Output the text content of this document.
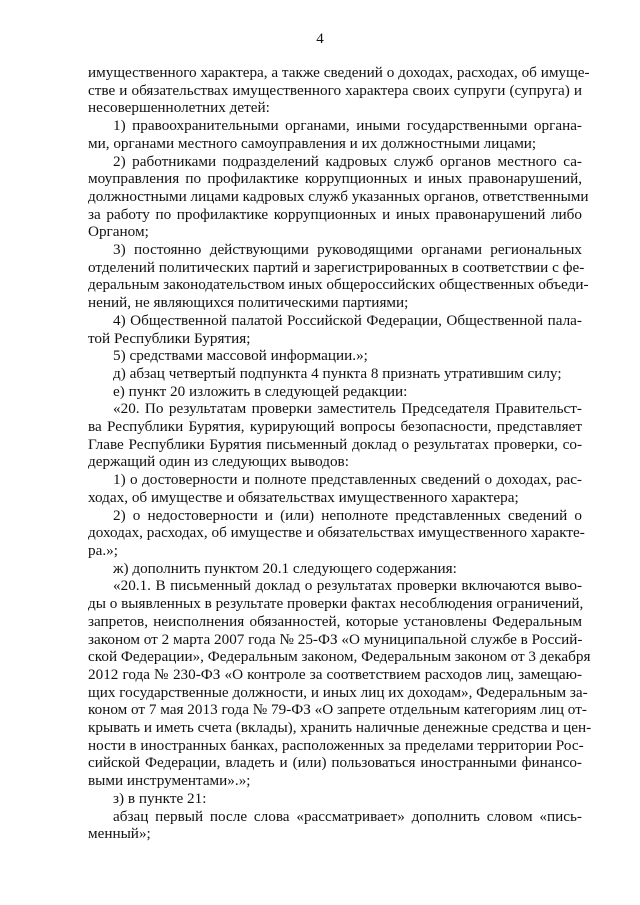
4
имущественного характера, а также сведений о доходах, расходах, об имуще-
стве и обязательствах имущественного характера своих супруги (супруга) и
несовершеннолетних детей:
1) правоохранительными органами, иными государственными органа-
ми, органами местного самоуправления и их должностными лицами;
2) работниками подразделений кадровых служб органов местного са-
моуправления по профилактике коррупционных и иных правонарушений,
должностными лицами кадровых служб указанных органов, ответственными
за работу по профилактике коррупционных и иных правонарушений либо
Органом;
3) постоянно действующими руководящими органами региональных
отделений политических партий и зарегистрированных в соответствии с фе-
деральным законодательством иных общероссийских общественных объеди-
нений, не являющихся политическими партиями;
4) Общественной палатой Российской Федерации, Общественной пала-
той Республики Бурятия;
5) средствами массовой информации.»;
д) абзац четвертый подпункта 4 пункта 8 признать утратившим силу;
е) пункт 20 изложить в следующей редакции:
«20. По результатам проверки заместитель Председателя Правительст-
ва Республики Бурятия, курирующий вопросы безопасности, представляет
Главе Республики Бурятия письменный доклад о результатах проверки, со-
держащий один из следующих выводов:
1) о достоверности и полноте представленных сведений о доходах, рас-
ходах, об имуществе и обязательствах имущественного характера;
2) о недостоверности и (или) неполноте представленных сведений о
доходах, расходах, об имуществе и обязательствах имущественного характе-
ра.»;
ж) дополнить пунктом 20.1 следующего содержания:
«20.1. В письменный доклад о результатах проверки включаются выво-
ды о выявленных в результате проверки фактах несоблюдения ограничений,
запретов, неисполнения обязанностей, которые установлены Федеральным
законом от 2 марта 2007 года № 25-ФЗ «О муниципальной службе в Россий-
ской Федерации», Федеральным законом, Федеральным законом от 3 декабря
2012 года № 230-ФЗ «О контроле за соответствием расходов лиц, замещаю-
щих государственные должности, и иных лиц их доходам», Федеральным за-
коном от 7 мая 2013 года № 79-ФЗ «О запрете отдельным категориям лиц от-
крывать и иметь счета (вклады), хранить наличные денежные средства и цен-
ности в иностранных банках, расположенных за пределами территории Рос-
сийской Федерации, владеть и (или) пользоваться иностранными финансо-
выми инструментами».»;
з) в пункте 21:
абзац первый после слова «рассматривает» дополнить словом «пись-
менный»;
